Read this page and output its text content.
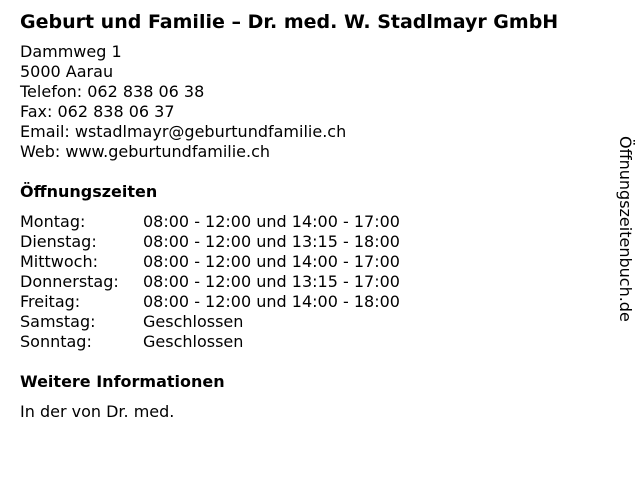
Geburt und Familie – Dr. med. W. Stadlmayr GmbH
Dammweg 1
5000 Aarau
Telefon: 062 838 06 38
Fax: 062 838 06 37
Email: wstadlmayr@geburtundfamilie.ch
Web: www.geburtundfamilie.ch
Öffnungszeiten
Montag:	08:00 - 12:00 und 14:00 - 17:00
Dienstag:	08:00 - 12:00 und 13:15 - 18:00
Mittwoch:	08:00 - 12:00 und 14:00 - 17:00
Donnerstag:	08:00 - 12:00 und 13:15 - 17:00
Freitag:	08:00 - 12:00 und 14:00 - 18:00
Samstag:	Geschlossen
Sonntag:	Geschlossen
Weitere Informationen
In der von Dr. med.
Öffnungszeitenbuch.de
